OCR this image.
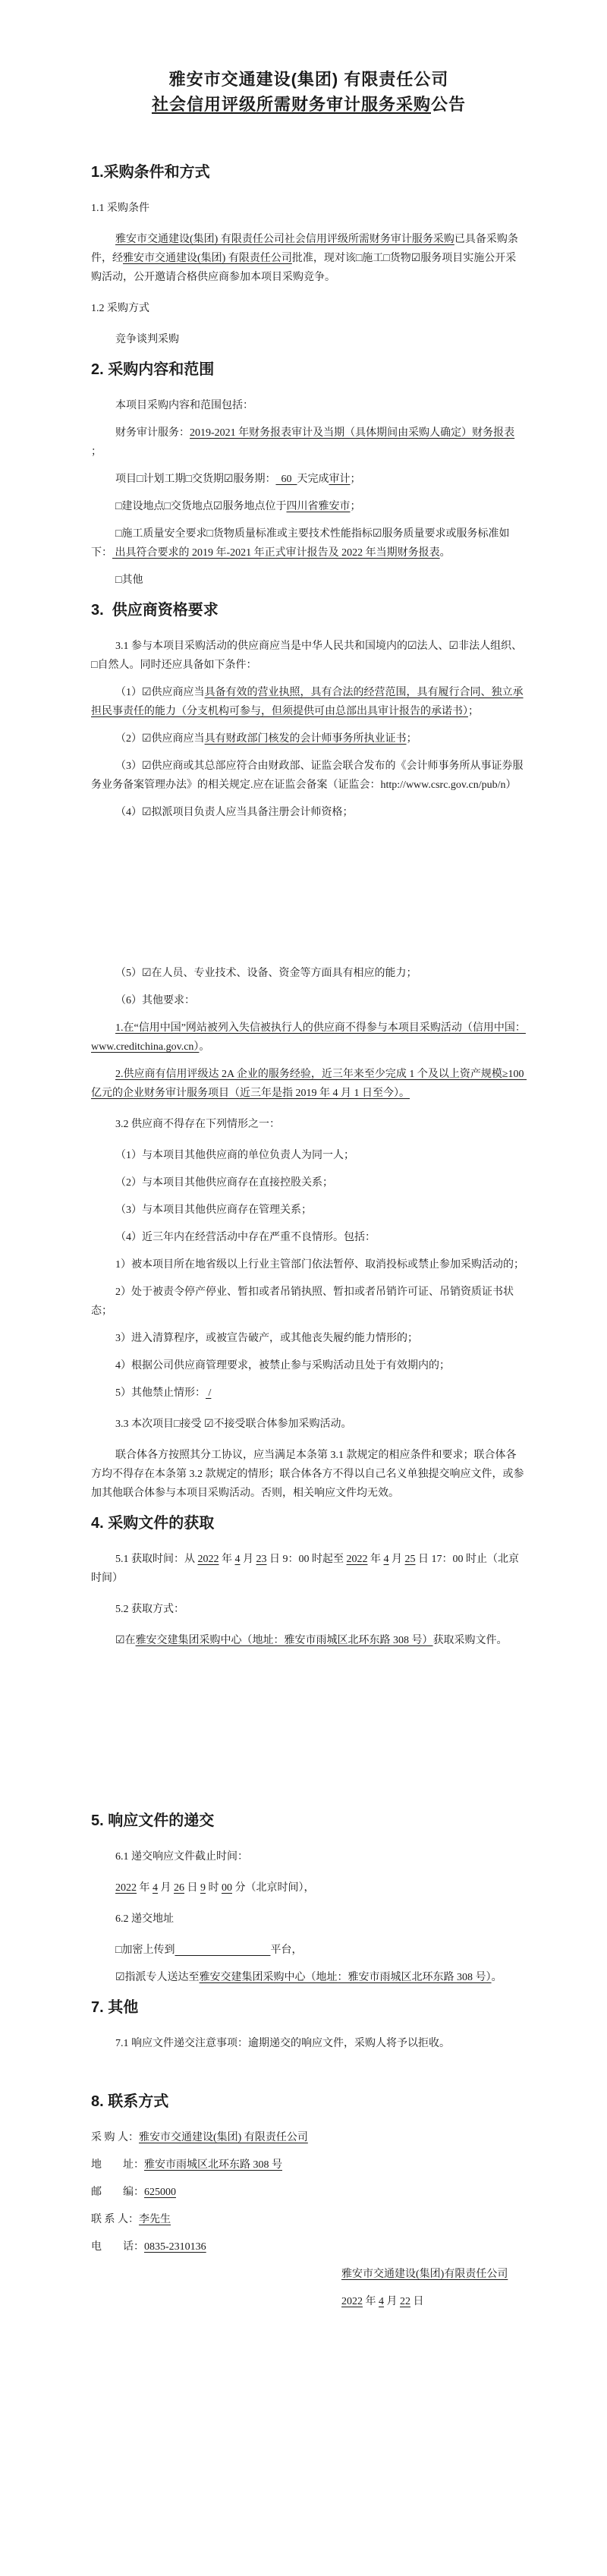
雅安市交通建设(集团) 有限责任公司
社会信用评级所需财务审计服务采购公告
1.采购条件和方式

1.1 采购条件

雅安市交通建设(集团) 有限责任公司社会信用评级所需财务审计服务采购已具备采购条件，经雅安市交通建设(集团) 有限责任公司批准，现对该□施工□货物☑服务项目实施公开采购活动，公开邀请合格供应商参加本项目采购竞争。

1.2 采购方式

竞争谈判采购

2. 采购内容和范围

本项目采购内容和范围包括：

财务审计服务：2019-2021 年财务报表审计及当期（具体期间由采购人确定）财务报表 ；

项目□计划工期□交货期☑服务期：  60  天完成审计；

□建设地点□交货地点☑服务地点位于四川省雅安市；

□施工质量安全要求□货物质量标准或主要技术性能指标☑服务质量要求或服务标准如下： 出具符合要求的 2019 年-2021 年正式审计报告及 2022 年当期财务报表。

□其他

3.  供应商资格要求

3.1 参与本项目采购活动的供应商应当是中华人民共和国境内的☑法人、☑非法人组织、□自然人。同时还应具备如下条件：

（1）☑供应商应当具备有效的营业执照，具有合法的经营范围，具有履行合同、独立承担民事责任的能力（分支机构可参与，但须提供可由总部出具审计报告的承诺书）；

（2）☑供应商应当具有财政部门核发的会计师事务所执业证书；

（3）☑供应商或其总部应符合由财政部、证监会联合发布的《会计师事务所从事证券服务业务备案管理办法》的相关规定.应在证监会备案（证监会：http://www.csrc.gov.cn/pub/n）

（4）☑拟派项目负责人应当具备注册会计师资格；

（5）☑在人员、专业技术、设备、资金等方面具有相应的能力；

（6）其他要求：

1.在“信用中国”网站被列入失信被执行人的供应商不得参与本项目采购活动（信用中国：www.creditchina.gov.cn）。

2.供应商有信用评级达 2A 企业的服务经验，近三年来至少完成 1 个及以上资产规模≥100 亿元的企业财务审计服务项目（近三年是指 2019 年 4 月 1 日至今）。

3.2 供应商不得存在下列情形之一：

（1）与本项目其他供应商的单位负责人为同一人；

（2）与本项目其他供应商存在直接控股关系；

（3）与本项目其他供应商存在管理关系；

（4）近三年内在经营活动中存在严重不良情形。包括：

1）被本项目所在地省级以上行业主管部门依法暂停、取消投标或禁止参加采购活动的；

2）处于被责令停产停业、暂扣或者吊销执照、暂扣或者吊销许可证、吊销资质证书状态；

3）进入清算程序，或被宣告破产，或其他丧失履约能力情形的；

4）根据公司供应商管理要求，被禁止参与采购活动且处于有效期内的；

5）其他禁止情形： /

3.3 本次项目□接受 ☑不接受联合体参加采购活动。

联合体各方按照其分工协议，应当满足本条第 3.1 款规定的相应条件和要求；联合体各方均不得存在本条第 3.2 款规定的情形；联合体各方不得以自己名义单独提交响应文件，或参加其他联合体参与本项目采购活动。否则，相关响应文件均无效。

4. 采购文件的获取

5.1 获取时间：从 2022 年 4 月 23 日 9：00 时起至 2022 年 4 月 25 日 17：00 时止（北京时间）

5.2 获取方式：

☑在雅安交建集团采购中心（地址：雅安市雨城区北环东路 308 号）获取采购文件。

5. 响应文件的递交

6.1 递交响应文件截止时间：

2022 年 4 月 26 日 9 时 00 分（北京时间），

6.2 递交地址

□加密上传到　　　　　　　　　	平台，

☑指派专人送达至雅安交建集团采购中心（地址：雅安市雨城区北环东路 308 号）。

7. 其他

7.1 响应文件递交注意事项：逾期递交的响应文件，采购人将予以拒收。

8. 联系方式

采 购 人：雅安市交通建设(集团) 有限责任公司

地　　址：雅安市雨城区北环东路 308 号

邮　　编：625000

联 系 人：李先生

电　　话：0835-2310136

雅安市交通建设(集团)有限责任公司

2022 年 4 月 22 日
